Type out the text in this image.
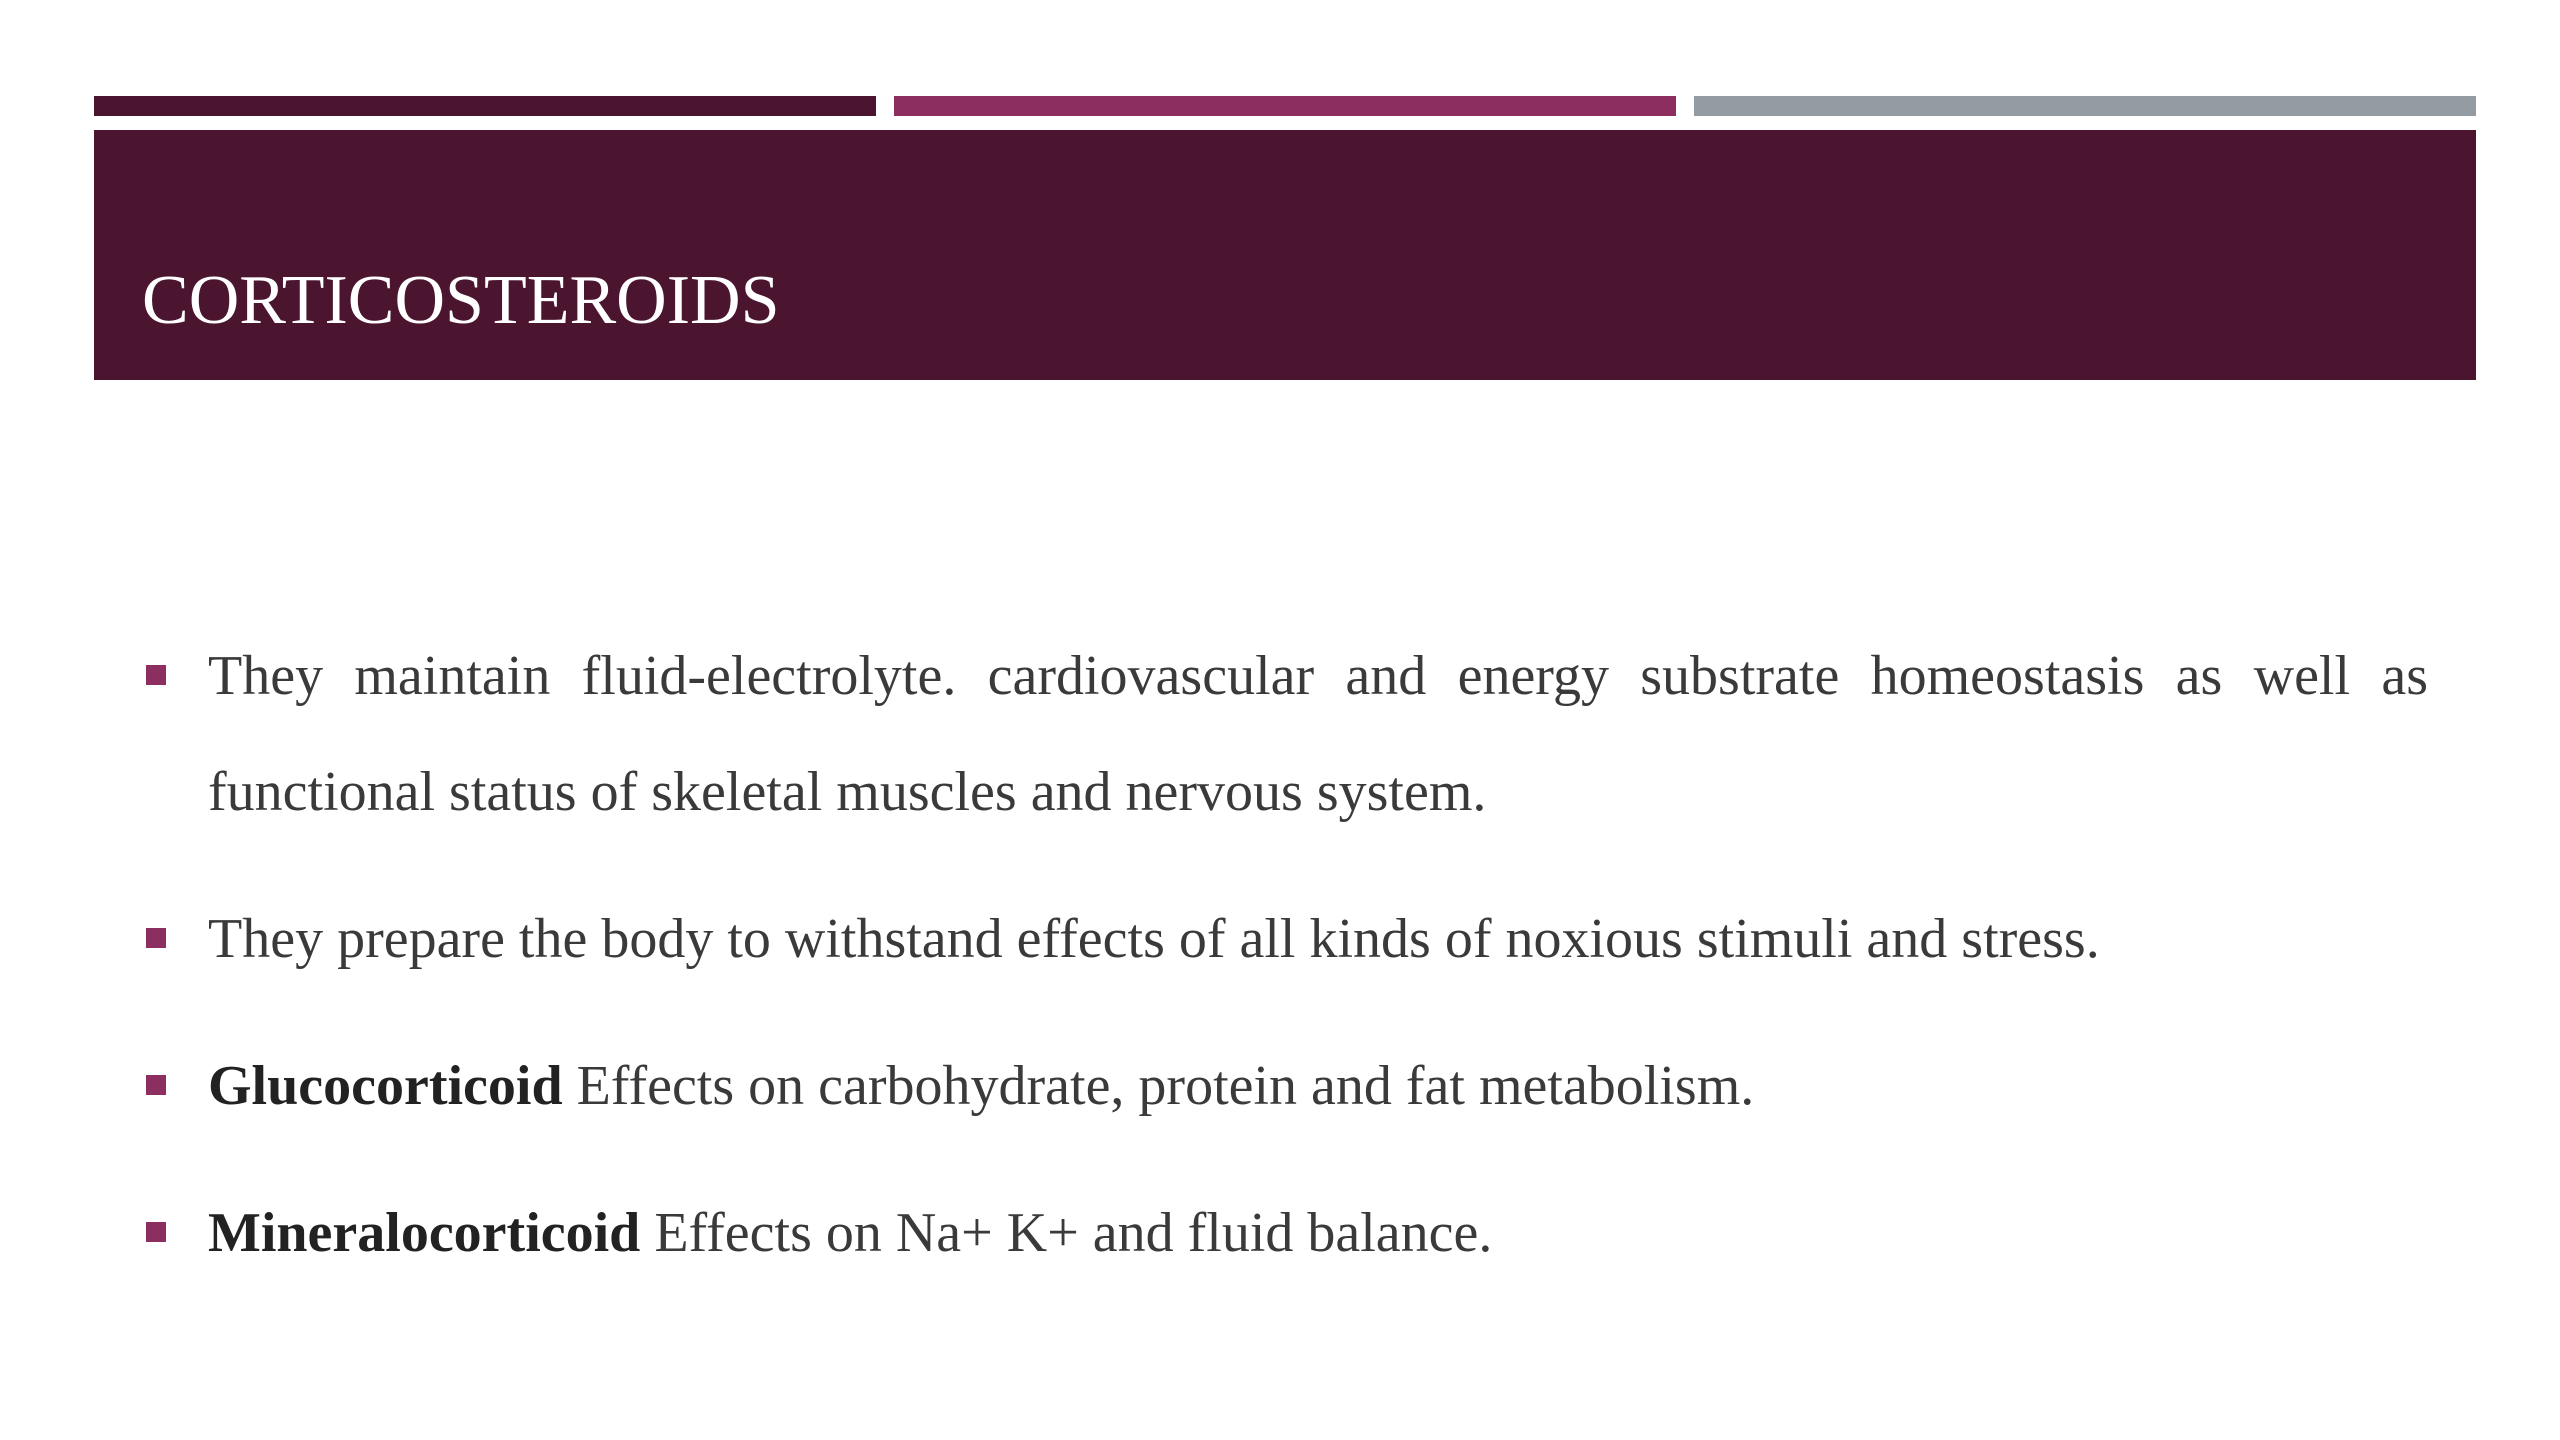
CORTICOSTEROIDS
They maintain fluid-electrolyte. cardiovascular and energy substrate homeostasis as well as functional status of skeletal muscles and nervous system.
They prepare the body to withstand effects of all kinds of noxious stimuli and stress.
Glucocorticoid Effects on carbohydrate, protein and fat metabolism.
Mineralocorticoid Effects on Na+ K+ and fluid balance.
